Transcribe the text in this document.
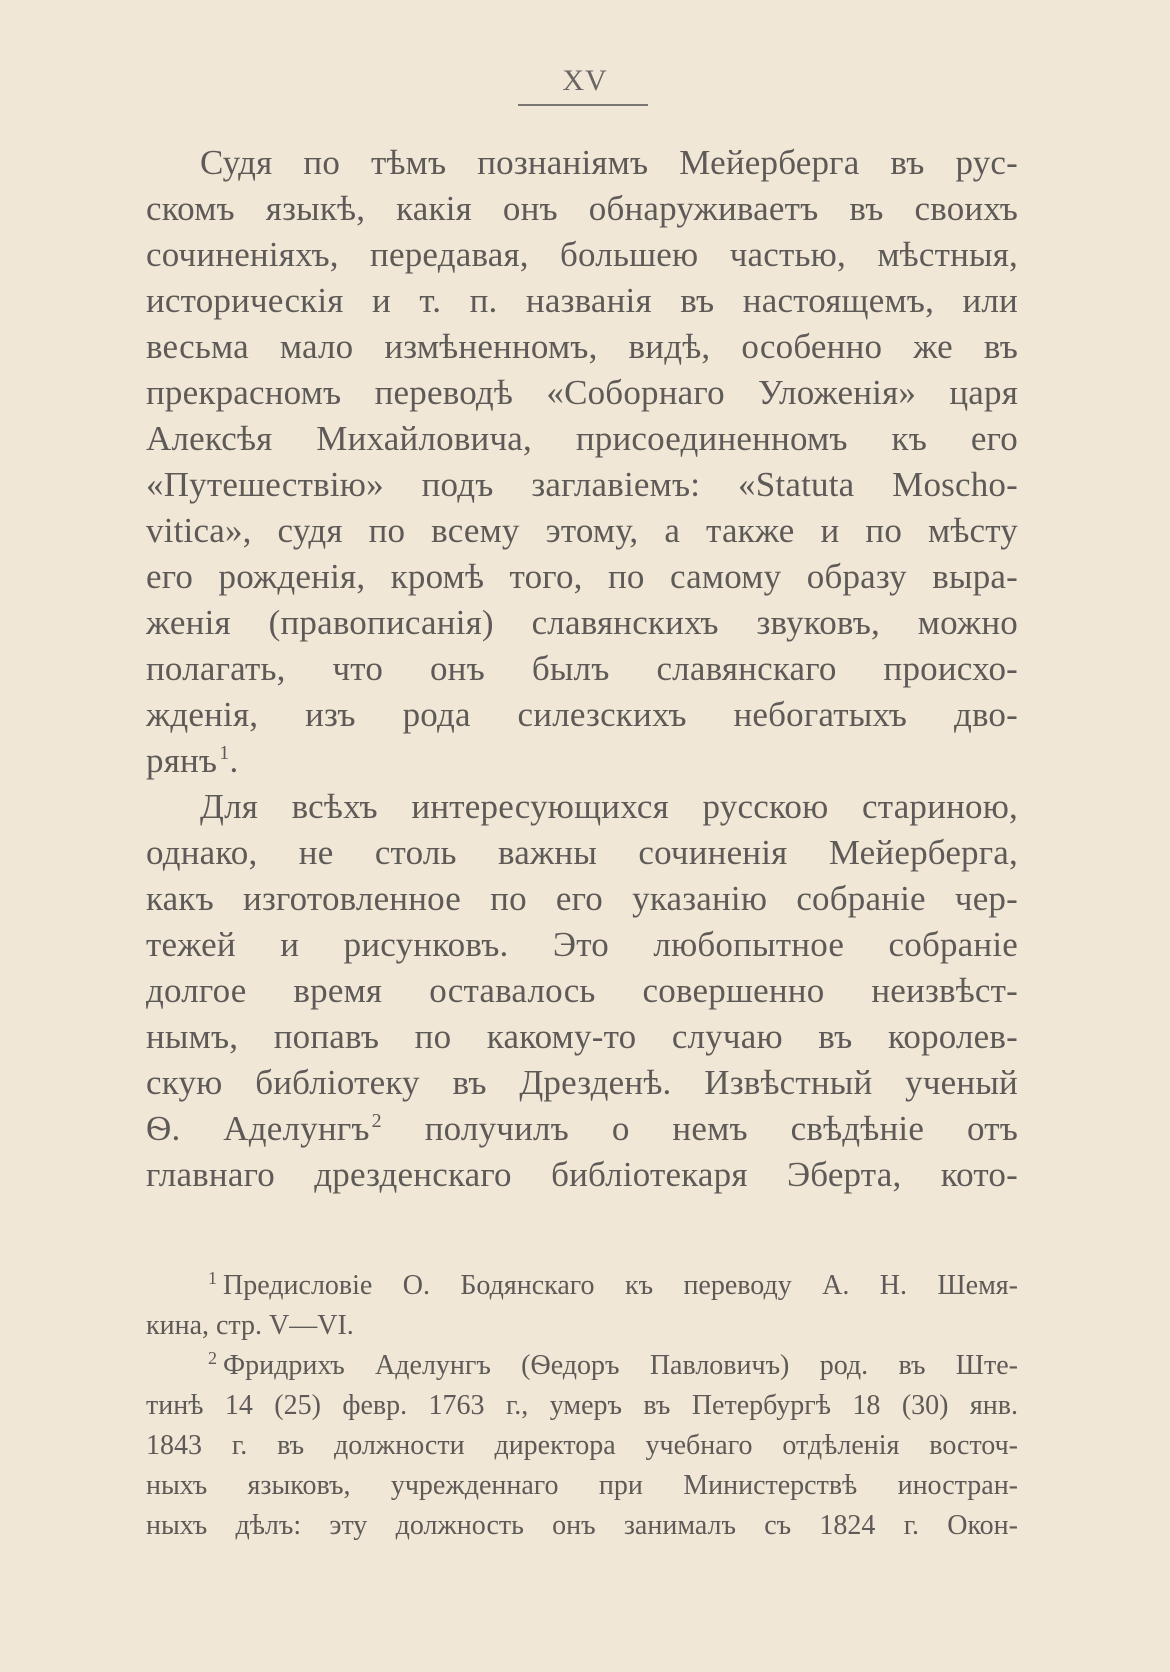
XV
Судя по тѣмъ познаніямъ Мейерберга въ рус-
скомъ языкѣ, какія онъ обнаруживаетъ въ своихъ
сочиненіяхъ, передавая, большею частью, мѣстныя,
историческія и т. п. названія въ настоящемъ, или
весьма мало измѣненномъ, видѣ, особенно же въ
прекрасномъ переводѣ «Соборнаго Уложенія» царя
Алексѣя Михайловича, присоединенномъ къ его
«Путешествію» подъ заглавіемъ: «Statuta Moscho-
vitica», судя по всему этому, а также и по мѣсту
его рожденія, кромѣ того, по самому образу выра-
женія (правописанія) славянскихъ звуковъ, можно
полагать, что онъ былъ славянскаго происхо-
жденія, изъ рода силезскихъ небогатыхъ дво-
рянъ $^1$.
Для всѣхъ интересующихся русскою стариною,
однако, не столь важны сочиненія Мейерберга,
какъ изготовленное по его указанію собраніе чер-
тежей и рисунковъ. Это любопытное собраніе
долгое время оставалось совершенно неизвѣст-
нымъ, попавъ по какому-то случаю въ королев-
скую библіотеку въ Дрезденѣ. Извѣстный ученый
Ѳ. Аделунгъ $^2$ получилъ о немъ свѣдѣніе отъ
главнаго дрезденскаго библіотекаря Эберта, кото-
$^1$ Предисловіе О. Бодянскаго къ переводу А. Н. Шемя-
кина, стр. V—VI.
$^2$ Фридрихъ Аделунгъ (Ѳедоръ Павловичъ) род. въ Ште-
тинѣ 14 (25) февр. 1763 г., умеръ въ Петербургѣ 18 (30) янв.
1843 г. въ должности директора учебнаго отдѣленія восточ-
ныхъ языковъ, учрежденнаго при Министерствѣ иностран-
ныхъ дѣлъ: эту должность онъ занималъ съ 1824 г. Окон-
